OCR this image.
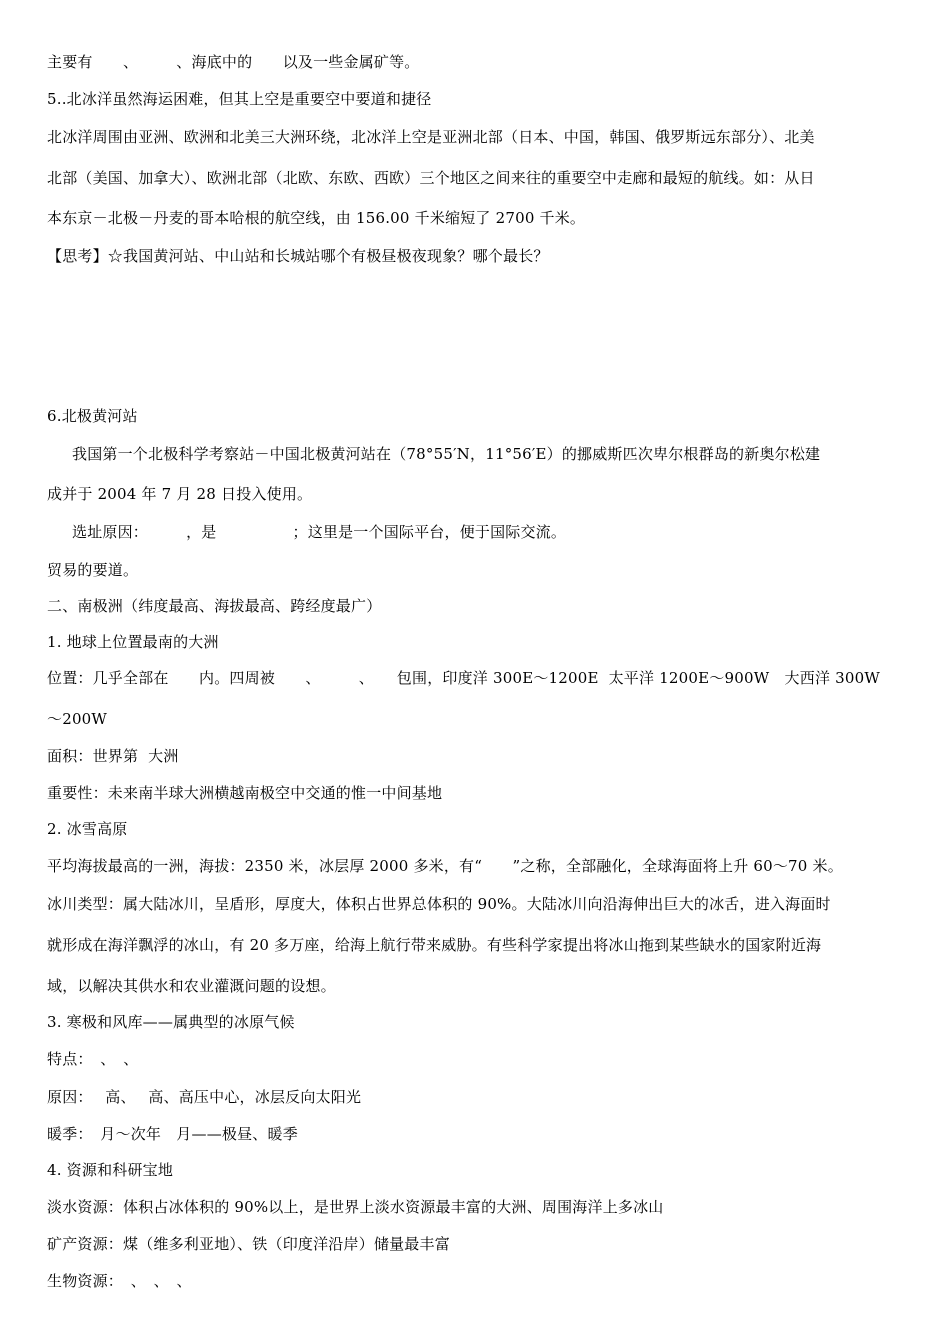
主要有　　、　　　、海底中的　　以及一些金属矿等。
5..北冰洋虽然海运困难，但其上空是重要空中要道和捷径
北冰洋周围由亚洲、欧洲和北美三大洲环绕，北冰洋上空是亚洲北部（日本、中国，韩国、俄罗斯远东部分）、北美
北部（美国、加拿大）、欧洲北部（北欧、东欧、西欧）三个地区之间来往的重要空中走廊和最短的航线。如：从日
本东京－北极－丹麦的哥本哈根的航空线，由 156.00 千米缩短了 2700 千米。
【思考】☆我国黄河站、中山站和长城站哪个有极昼极夜现象？哪个最长？
6.北极黄河站
我国第一个北极科学考察站－中国北极黄河站在（78°55′N，11°56′E）的挪威斯匹次卑尔根群岛的新奥尔松建
成并于 2004 年 7 月 28 日投入使用。
选址原因：　　　，是　　　　　；这里是一个国际平台，便于国际交流。
贸易的要道。
二、南极洲（纬度最高、海拔最高、跨经度最广）
1. 地球上位置最南的大洲
位置：几乎全部在　　内。四周被　　、　　　、　　包围，印度洋 300E～1200E  太平洋 1200E～900W　大西洋 300W
～200W
面积：世界第  大洲
重要性：未来南半球大洲横越南极空中交通的惟一中间基地
2. 冰雪高原
平均海拔最高的一洲，海拔：2350 米，冰层厚 2000 多米，有“　　”之称，全部融化，全球海面将上升 60～70 米。
冰川类型：属大陆冰川，呈盾形，厚度大，体积占世界总体积的 90%。大陆冰川向沿海伸出巨大的冰舌，进入海面时
就形成在海洋飘浮的冰山，有 20 多万座，给海上航行带来威胁。有些科学家提出将冰山拖到某些缺水的国家附近海
域，以解决其供水和农业灌溉问题的设想。
3. 寒极和风库——属典型的冰原气候
特点：　、　、
原因：　 高、　 高、高压中心，冰层反向太阳光
暖季：　月～次年　月——极昼、暖季
4. 资源和科研宝地
淡水资源：体积占冰体积的 90%以上，是世界上淡水资源最丰富的大洲、周围海洋上多冰山
矿产资源：煤（维多利亚地）、铁（印度洋沿岸）储量最丰富
生物资源：　、　、　、
